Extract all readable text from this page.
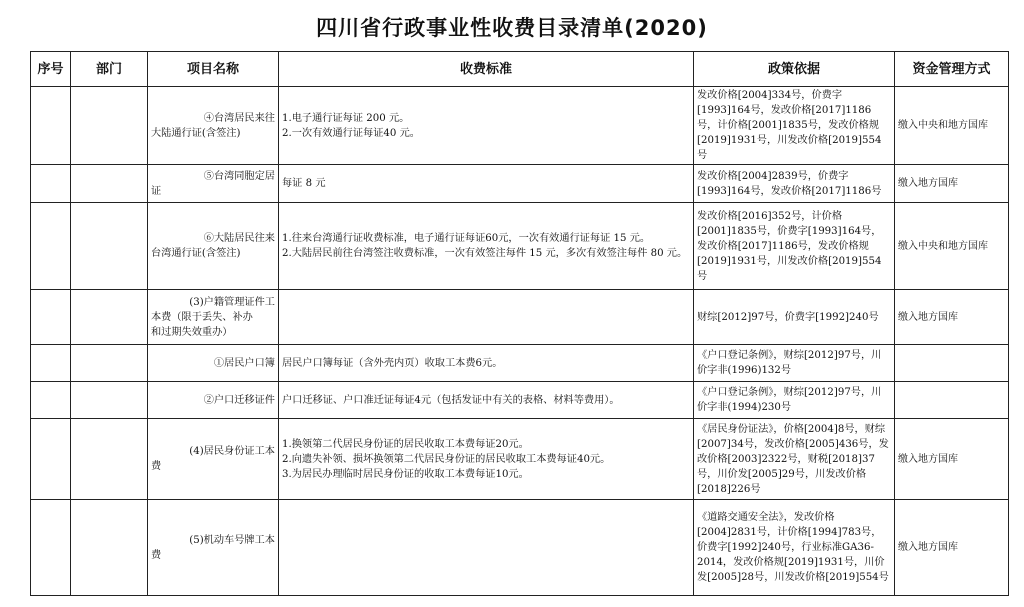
四川省行政事业性收费目录清单(2020)
序号	部门	项目名称	收费标准	政策依据	资金管理方式

		④台湾居民来往
大陆通行证(含签注)	1.电子通行证每证 200 元。
2.一次有效通行证每证40 元。	发改价格[2004]334号，价费字[1993]164号，发改价格[2017]1186号，计价格[2001]1835号，发改价格规[2019]1931号，川发改价格[2019]554号	缴入中央和地方国库

		⑤台湾同胞定居
证	每证 8 元	发改价格[2004]2839号，价费字[1993]164号，发改价格[2017]1186号	缴入地方国库

		⑥大陆居民往来
台湾通行证(含签注)	1.往来台湾通行证收费标准，电子通行证每证60元，一次有效通行证每证 15 元。
2.大陆居民前往台湾签注收费标准，一次有效签注每件 15 元，多次有效签注每件 80 元。	发改价格[2016]352号，计价格[2001]1835号，价费字[1993]164号，发改价格[2017]1186号，发改价格规[2019]1931号，川发改价格[2019]554号	缴入中央和地方国库

		(3)户籍管理证件工
本费（限于丢失、补办
和过期失效重办）		财综[2012]97号，价费字[1992]240号	缴入地方国库

		①居民户口簿	居民户口簿每证（含外壳内页）收取工本费6元。	《户口登记条例》，财综[2012]97号，川价字非(1996)132号	

		②户口迁移证件	户口迁移证、户口准迁证每证4元（包括发证中有关的表格、材料等费用）。	《户口登记条例》，财综[2012]97号，川价字非(1994)230号	

		(4)居民身份证工本
费	1.换领第二代居民身份证的居民收取工本费每证20元。
2.向遗失补领、损坏换领第二代居民身份证的居民收取工本费每证40元。
3.为居民办理临时居民身份证的收取工本费每证10元。	《居民身份证法》，价格[2004]8号，财综[2007]34号，发改价格[2005]436号，发改价格[2003]2322号，财税[2018]37号，川价发[2005]29号，川发改价格[2018]226号	缴入地方国库

		(5)机动车号牌工本
费		《道路交通安全法》，发改价格[2004]2831号，计价格[1994]783号，价费字[1992]240号，行业标准GA36-2014，发改价格规[2019]1931号，川价发[2005]28号，川发改价格[2019]554号	缴入地方国库
